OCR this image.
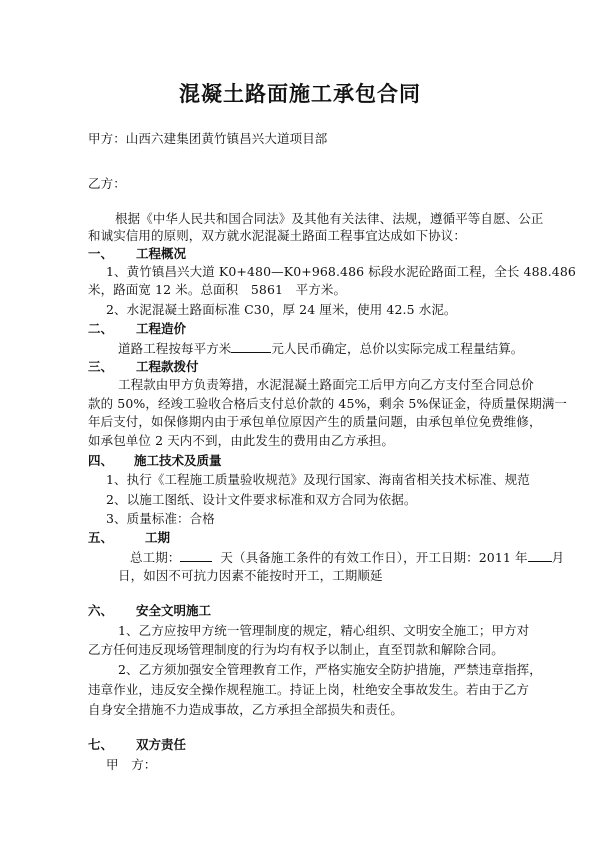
混凝土路面施工承包合同
甲方：山西六建集团黄竹镇昌兴大道项目部
乙方：
根据《中华人民共和国合同法》及其他有关法律、法规，遵循平等自愿、公正
和诚实信用的原则，双方就水泥混凝土路面工程事宜达成如下协议：
一、 工程概况
1、黄竹镇昌兴大道 K0+480—K0+968.486 标段水泥砼路面工程，全长 488.486
米，路面宽 12 米。总面积　5861　平方米。
2、水泥混凝土路面标准 C30，厚 24 厘米，使用 42.5 水泥。
二、 工程造价
道路工程按每平方米	元人民币确定，总价以实际完成工程量结算。
三、 工程款拨付
工程款由甲方负责筹措，水泥混凝土路面完工后甲方向乙方支付至合同总价
款的 50%，经竣工验收合格后支付总价款的 45%，剩余 5%保证金，待质量保期满一
年后支付，如保修期内由于承包单位原因产生的质量问题，由承包单位免费维修，
如承包单位 2 天内不到，由此发生的费用由乙方承担。
四、 施工技术及质量
1、执行《工程施工质量验收规范》及现行国家、海南省相关技术标准、规范
2、以施工图纸、设计文件要求标准和双方合同为依据。
3、质量标准：合格
五、	工期
总工期：	天（具备施工条件的有效工作日），开工日期：2011 年 月
日，如因不可抗力因素不能按时开工，工期顺延
六、 安全文明施工
1、乙方应按甲方统一管理制度的规定，精心组织、文明安全施工；甲方对
乙方任何违反现场管理制度的行为均有权予以制止，直至罚款和解除合同。
2、乙方须加强安全管理教育工作，严格实施安全防护措施，严禁违章指挥，
违章作业，违反安全操作规程施工。持证上岗，杜绝安全事故发生。若由于乙方
自身安全措施不力造成事故，乙方承担全部损失和责任。
七、 双方责任
甲　方：
